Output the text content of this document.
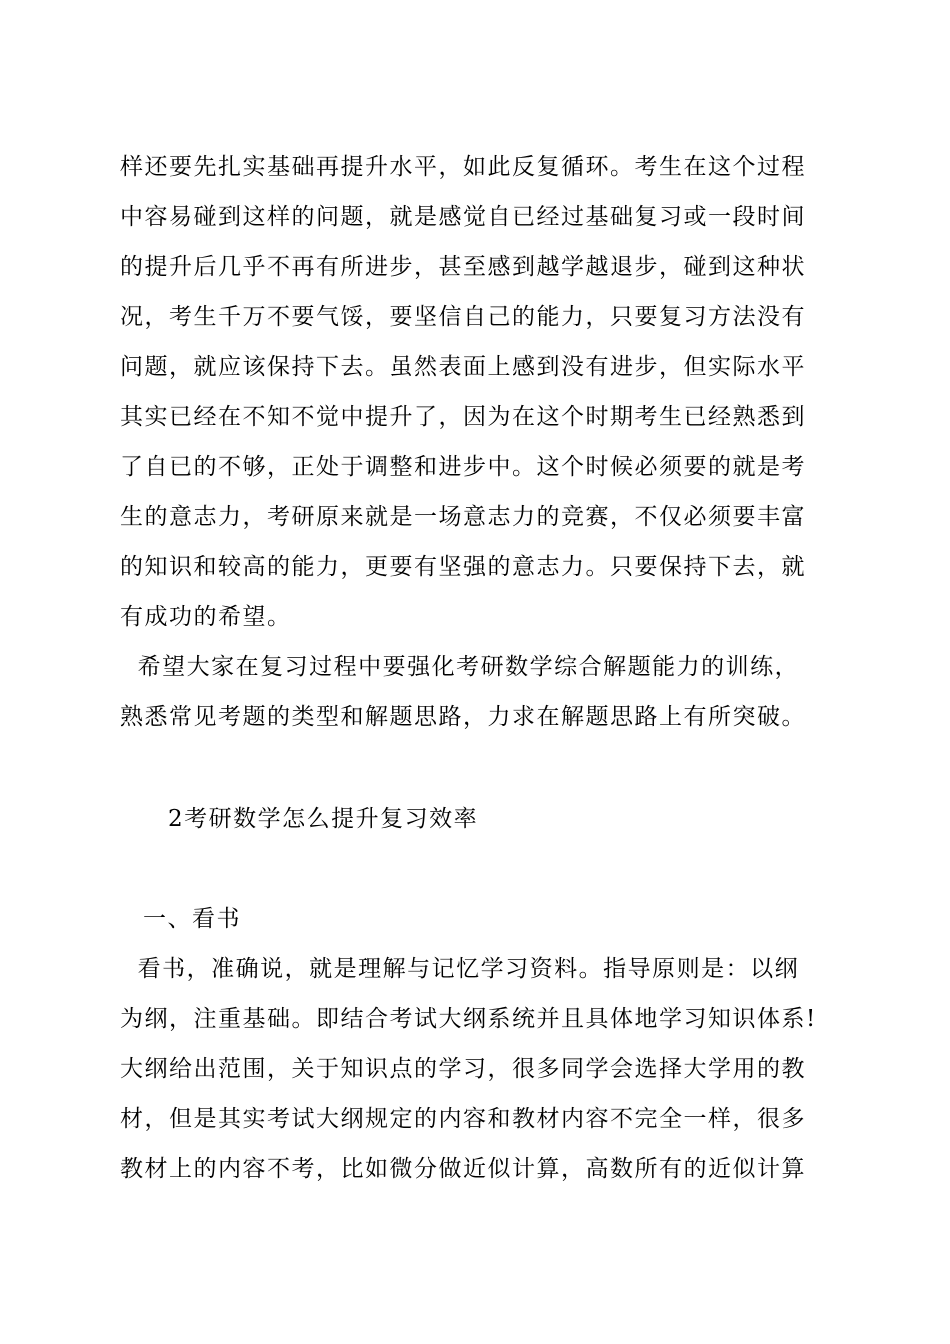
样还要先扎实基础再提升水平，如此反复循环。考生在这个过程
中容易碰到这样的问题，就是感觉自已经过基础复习或一段时间
的提升后几乎不再有所进步，甚至感到越学越退步，碰到这种状
况，考生千万不要气馁，要坚信自己的能力，只要复习方法没有
问题，就应该保持下去。虽然表面上感到没有进步，但实际水平
其实已经在不知不觉中提升了，因为在这个时期考生已经熟悉到
了自已的不够，正处于调整和进步中。这个时候必须要的就是考
生的意志力，考研原来就是一场意志力的竞赛，不仅必须要丰富
的知识和较高的能力，更要有坚强的意志力。只要保持下去，就
有成功的希望。
希望大家在复习过程中要强化考研数学综合解题能力的训练，
熟悉常见考题的类型和解题思路，力求在解题思路上有所突破。
2考研数学怎么提升复习效率
一、看书
看书，准确说，就是理解与记忆学习资料。指导原则是：以纲
为纲，注重基础。即结合考试大纲系统并且具体地学习知识体系!
大纲给出范围，关于知识点的学习，很多同学会选择大学用的教
材，但是其实考试大纲规定的内容和教材内容不完全一样，很多
教材上的内容不考，比如微分做近似计算，高数所有的近似计算
